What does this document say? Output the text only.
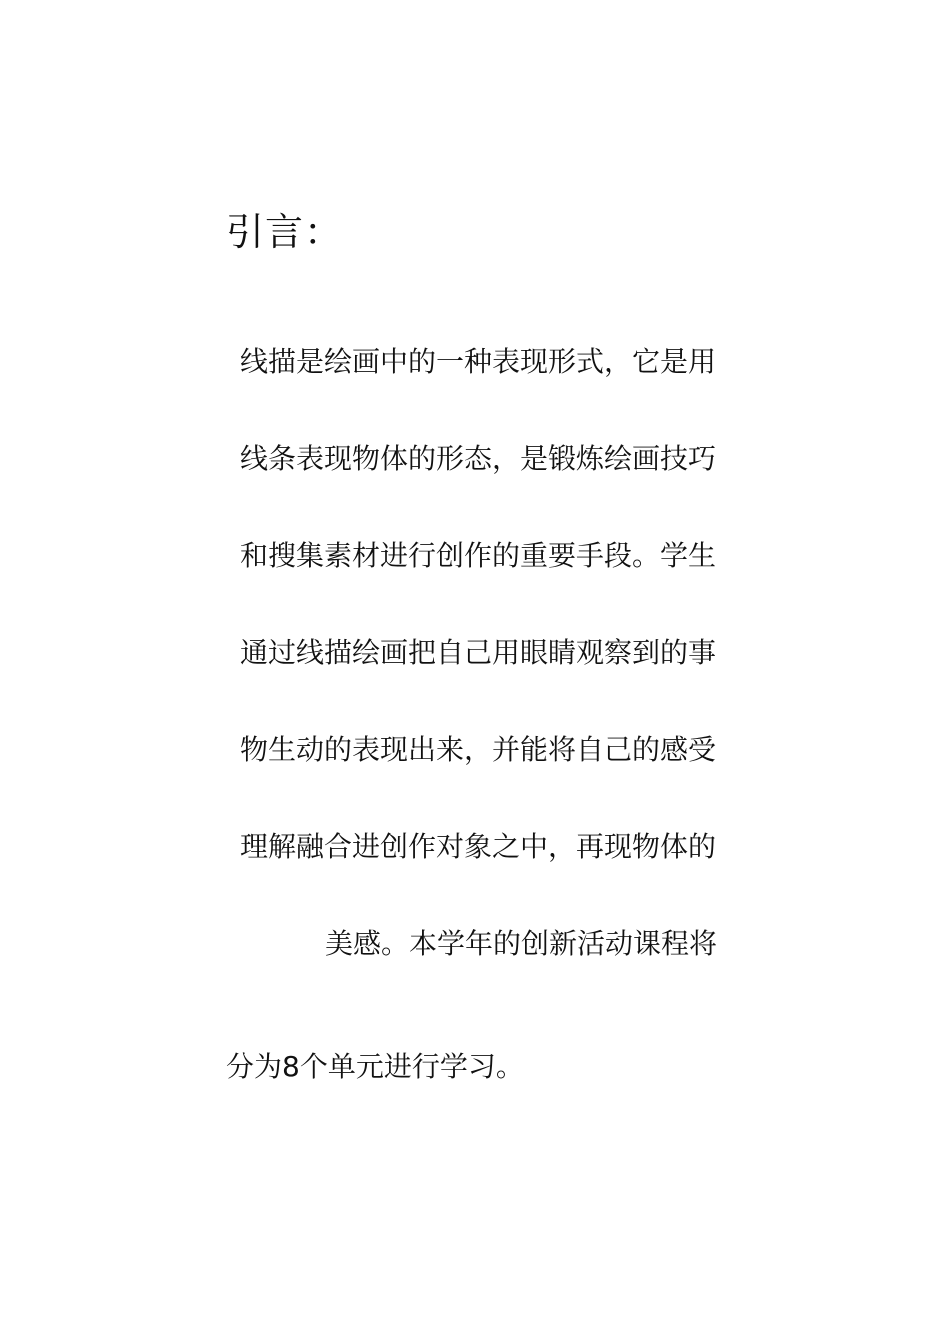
引言：
线描是绘画中的一种表现形式，它是用
线条表现物体的形态，是锻炼绘画技巧
和搜集素材进行创作的重要手段。学生
通过线描绘画把自己用眼睛观察到的事
物生动的表现出来，并能将自己的感受
理解融合进创作对象之中，再现物体的
美感。本学年的创新活动课程将
分为8个单元进行学习。
